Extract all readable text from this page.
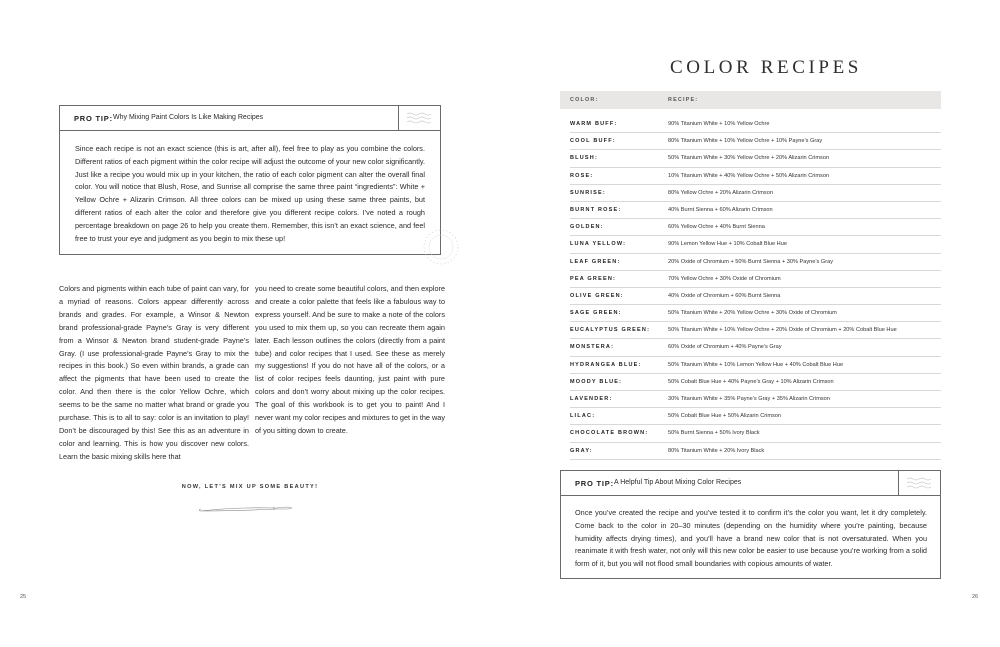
PRO TIP: Why Mixing Paint Colors Is Like Making Recipes
Since each recipe is not an exact science (this is art, after all), feel free to play as you combine the colors. Different ratios of each pigment within the color recipe will adjust the outcome of your new color significantly. Just like a recipe you would mix up in your kitchen, the ratio of each color pigment can alter the overall final color. You will notice that Blush, Rose, and Sunrise all comprise the same three paint “ingredients”: White + Yellow Ochre + Alizarin Crimson. All three colors can be mixed up using these same three paints, but different ratios of each alter the color and therefore give you different recipe colors. I’ve noted a rough percentage breakdown on page 26 to help you create them. Remember, this isn’t an exact science, and feel free to trust your eye and judgment as you begin to mix these up!
Colors and pigments within each tube of paint can vary, for a myriad of reasons. Colors appear differently across brands and grades. For example, a Winsor & Newton brand professional-grade Payne’s Gray is very different from a Winsor & Newton brand student-grade Payne’s Gray. (I use professional-grade Payne’s Gray to mix the recipes in this book.) So even within brands, a grade can affect the pigments that have been used to create the color. And then there is the color Yellow Ochre, which seems to be the same no matter what brand or grade you purchase. This is to all to say: color is an invitation to play! Don’t be discouraged by this! See this as an adventure in color and learning. This is how you discover new colors. Learn the basic mixing skills here that
you need to create some beautiful colors, and then explore and create a color palette that feels like a fabulous way to express yourself. And be sure to make a note of the colors you used to mix them up, so you can recreate them again later. Each lesson outlines the colors (directly from a paint tube) and color recipes that I used. See these as merely my suggestions! If you do not have all of the colors, or a list of color recipes feels daunting, just paint with pure colors and don’t worry about mixing up the color recipes. The goal of this workbook is to get you to paint! And I never want my color recipes and mixtures to get in the way of you sitting down to create.
NOW, LET’S MIX UP SOME BEAUTY!
25
COLOR RECIPES
COLOR:	RECIPE:
WARM BUFF:	90% Titanium White + 10% Yellow Ochre
COOL BUFF:	80% Titanium White + 10% Yellow Ochre + 10% Payne’s Gray
BLUSH:	50% Titanium White + 30% Yellow Ochre + 20% Alizarin Crimson
ROSE:	10% Titanium White + 40% Yellow Ochre + 50% Alizarin Crimson
SUNRISE:	80% Yellow Ochre + 20% Alizarin Crimson
BURNT ROSE:	40% Burnt Sienna + 60% Alizarin Crimson
GOLDEN:	60% Yellow Ochre + 40% Burnt Sienna
LUNA YELLOW:	90% Lemon Yellow Hue + 10% Cobalt Blue Hue
LEAF GREEN:	20% Oxide of Chromium + 50% Burnt Sienna + 30% Payne’s Gray
PEA GREEN:	70% Yellow Ochre + 30% Oxide of Chromium
OLIVE GREEN:	40% Oxide of Chromium + 60% Burnt Sienna
SAGE GREEN:	50% Titanium White + 20% Yellow Ochre + 30% Oxide of Chromium
EUCALYPTUS GREEN:	50% Titanium White + 10% Yellow Ochre + 20% Oxide of Chromium + 20% Cobalt Blue Hue
MONSTERA:	60% Oxide of Chromium + 40% Payne’s Gray
HYDRANGEA BLUE:	50% Titanium White + 10% Lemon Yellow Hue + 40% Cobalt Blue Hue
MOODY BLUE:	50% Cobalt Blue Hue + 40% Payne’s Gray + 10% Alizarin Crimson
LAVENDER:	30% Titanium White + 35% Payne’s Gray + 35% Alizarin Crimson
LILAC:	50% Cobalt Blue Hue + 50% Alizarin Crimson
CHOCOLATE BROWN:	50% Burnt Sienna + 50% Ivory Black
GRAY:	80% Titanium White + 20% Ivory Black
PRO TIP: A Helpful Tip About Mixing Color Recipes
Once you’ve created the recipe and you’ve tested it to confirm it’s the color you want, let it dry completely. Come back to the color in 20–30 minutes (depending on the humidity where you’re painting, because humidity affects drying times), and you’ll have a brand new color that is not oversaturated. When you reanimate it with fresh water, not only will this new color be easier to use because you’re working from a solid form of it, but you will not flood small boundaries with copious amounts of water.
26
